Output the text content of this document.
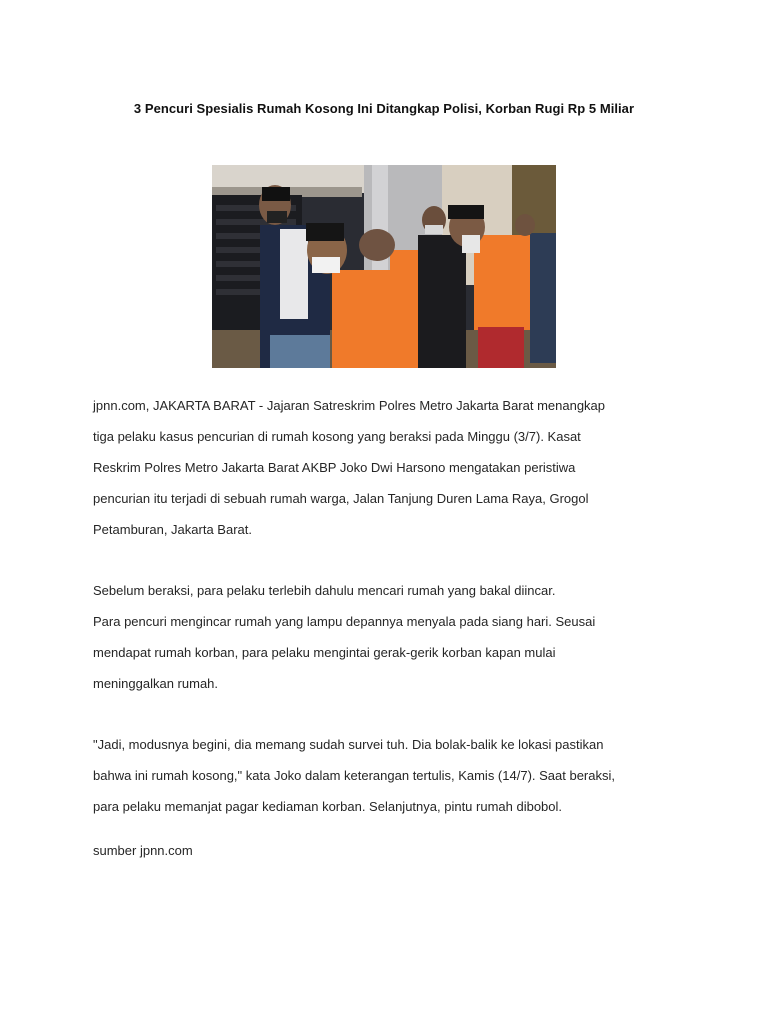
3 Pencuri Spesialis Rumah Kosong Ini Ditangkap Polisi, Korban Rugi Rp 5 Miliar

jpnn.com, JAKARTA BARAT - Jajaran Satreskrim Polres Metro Jakarta Barat menangkap

tiga pelaku kasus pencurian di rumah kosong yang beraksi pada Minggu (3/7). Kasat

Reskrim Polres Metro Jakarta Barat AKBP Joko Dwi Harsono mengatakan peristiwa

pencurian itu terjadi di sebuah rumah warga, Jalan Tanjung Duren Lama Raya, Grogol

Petamburan, Jakarta Barat.

Sebelum beraksi, para pelaku terlebih dahulu mencari rumah yang bakal diincar.

Para pencuri mengincar rumah yang lampu depannya menyala pada siang hari. Seusai

mendapat rumah korban, para pelaku mengintai gerak-gerik korban kapan mulai

meninggalkan rumah.

"Jadi, modusnya begini, dia memang sudah survei tuh. Dia bolak-balik ke lokasi pastikan

bahwa ini rumah kosong," kata Joko dalam keterangan tertulis, Kamis (14/7). Saat beraksi,

para pelaku memanjat pagar kediaman korban. Selanjutnya, pintu rumah dibobol.

sumber jpnn.com
